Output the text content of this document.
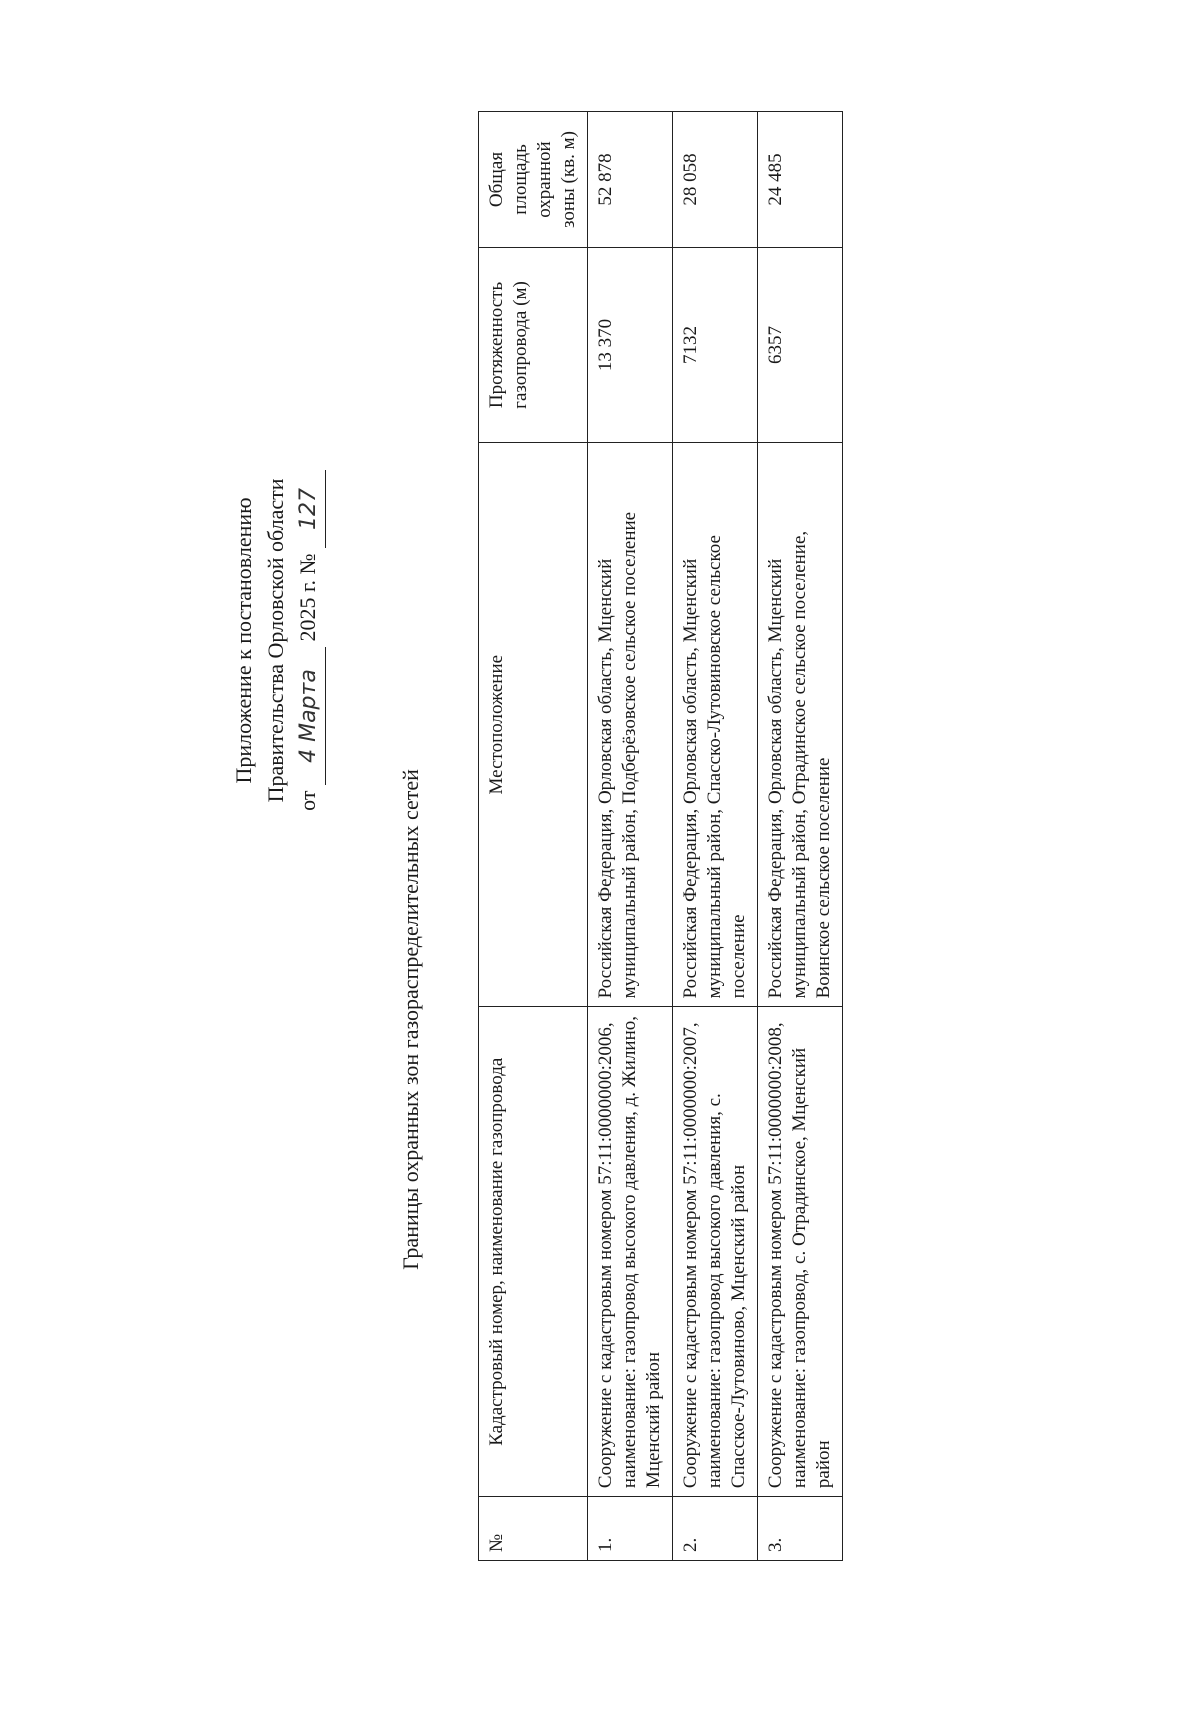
Приложение к постановлению Правительства Орловской области от 4 Марта 2025 г. № 127
Границы охранных зон газораспределительных сетей
№	Кадастровый номер, наименование газопровода	Местоположение	Протяженность газопровода (м)	Общая площадь охранной зоны (кв. м)
1.	Сооружение с кадастровым номером 57:11:0000000:2006, наименование: газопровод высокого давления, д. Жилино, Мценский район	Российская Федерация, Орловская область, Мценский муниципальный район, Подберёзовское сельское поселение	13 370	52 878
2.	Сооружение с кадастровым номером 57:11:0000000:2007, наименование: газопровод высокого давления, с. Спасское-Лутовиново, Мценский район	Российская Федерация, Орловская область, Мценский муниципальный район, Спасско-Лутовиновское сельское поселение	7132	28 058
3.	Сооружение с кадастровым номером 57:11:0000000:2008, наименование: газопровод, с. Отрадинское, Мценский район	Российская Федерация, Орловская область, Мценский муниципальный район, Отрадинское сельское поселение, Воинское сельское поселение	6357	24 485
